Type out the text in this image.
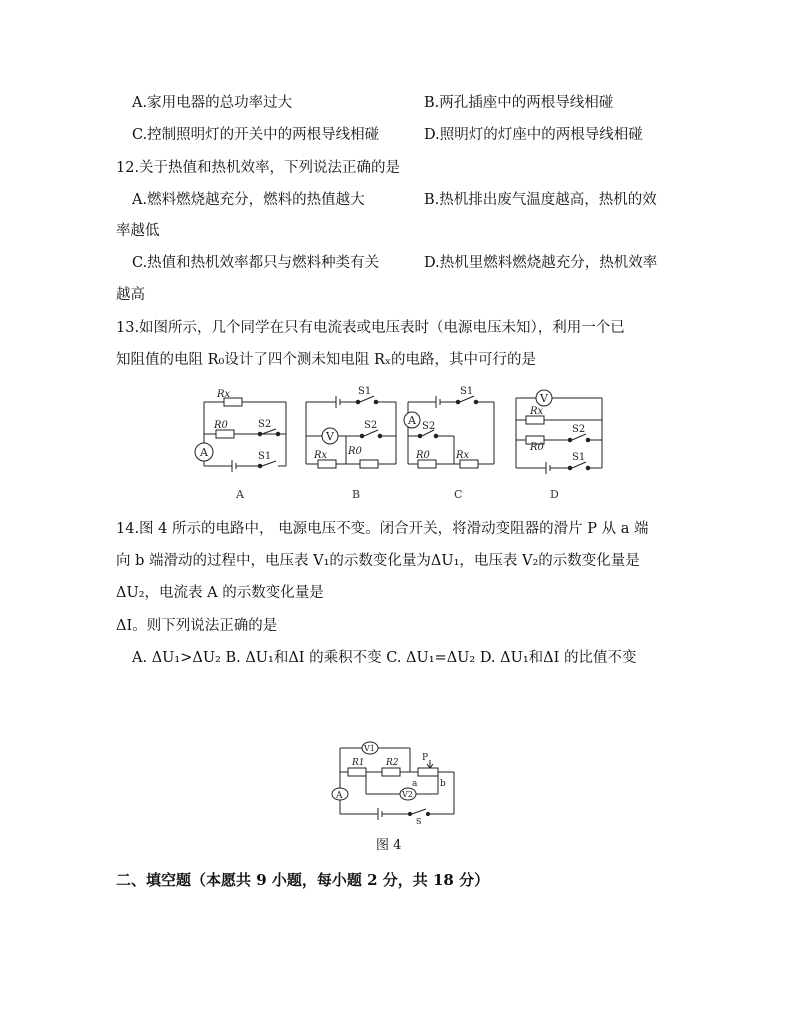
A.家用电器的总功率过大	B.两孔插座中的两根导线相碰
C.控制照明灯的开关中的两根导线相碰	D.照明灯的灯座中的两根导线相碰
12.关于热值和热机效率，下列说法正确的是
A.燃料燃烧越充分，燃料的热值越大	B.热机排出废气温度越高，热机的效
率越低
C.热值和热机效率都只与燃料种类有关	D.热机里燃料燃烧越充分，热机效率
越高
13.如图所示，几个同学在只有电流表或电压表时（电源电压未知），利用一个已
知阻值的电阻 R₀设计了四个测未知电阻 Rₓ的电路，其中可行的是
Rx
R0	S2
S1
A
A
V
S1
S2
Rx R0
B
A
S1
S2
R0	Rx
C
V
Rx
R0
S2
S1
D
14.图 4 所示的电路中， 电源电压不变。闭合开关，将滑动变阻器的滑片 P 从 a 端
向 b 端滑动的过程中，电压表 V₁的示数变化量为ΔU₁，电压表 V₂的示数变化量是
ΔU₂，电流表 A 的示数变化量是
ΔI。则下列说法正确的是
A. ΔU₁>ΔU₂ B. ΔU₁和ΔI 的乘积不变 C. ΔU₁=ΔU₂ D. ΔU₁和ΔI 的比值不变
V1
V2
A
R1 R2	P
a	b
S
图 4
二、填空题（本愿共 9 小题，每小题 2 分，共 18 分）
